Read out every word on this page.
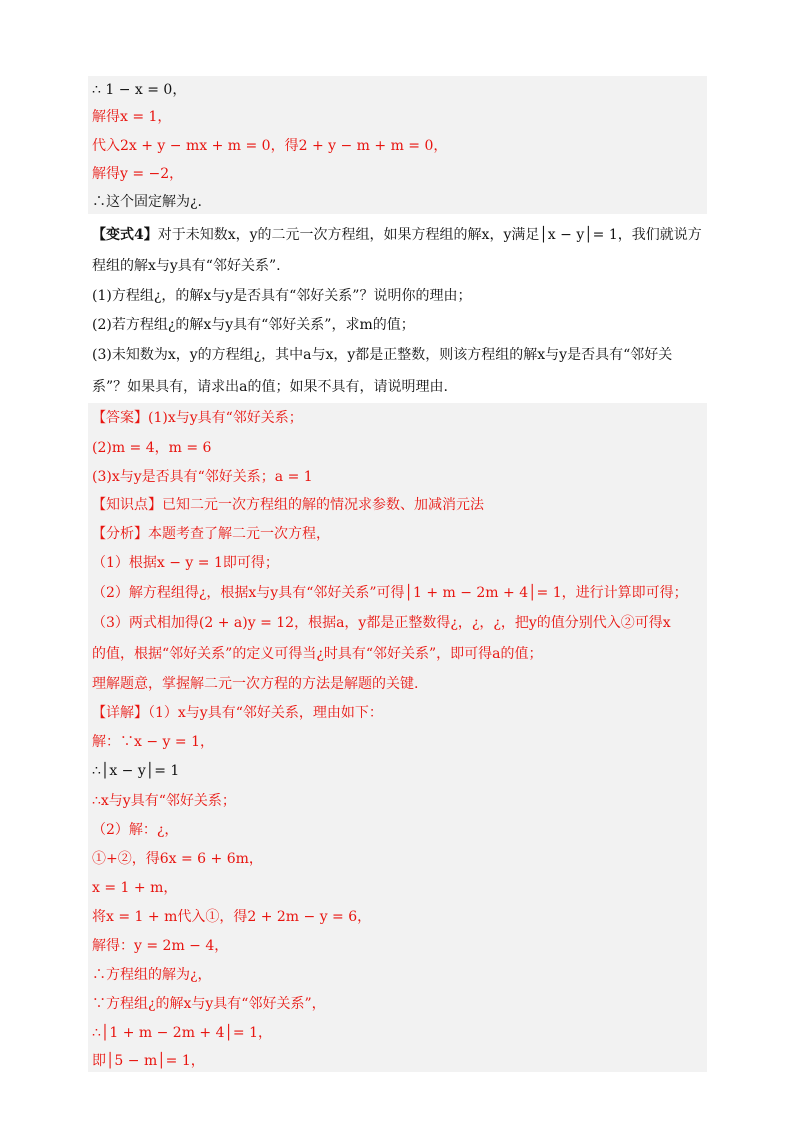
∴ 1 − x = 0，
解得x = 1，
代入2x + y − mx + m = 0，得2 + y − m + m = 0，
解得y = −2，
∴这个固定解为¿.
【变式4】对于未知数x，y的二元一次方程组，如果方程组的解x，y满足│x − y│= 1，我们就说方
程组的解x与y具有“邻好关系”.
(1)方程组¿，的解x与y是否具有“邻好关系”？说明你的理由；
(2)若方程组¿的解x与y具有“邻好关系”，求m的值；
(3)未知数为x，y的方程组¿，其中a与x，y都是正整数，则该方程组的解x与y是否具有“邻好关
系”？如果具有，请求出a的值；如果不具有，请说明理由.
【答案】(1)x与y具有“邻好关系；
(2)m = 4，m = 6
(3)x与y是否具有“邻好关系；a = 1
【知识点】已知二元一次方程组的解的情况求参数、加减消元法
【分析】本题考查了解二元一次方程，
（1）根据x − y = 1即可得；
（2）解方程组得¿，根据x与y具有“邻好关系”可得│1 + m − 2m + 4│= 1，进行计算即可得；
（3）两式相加得(2 + a)y = 12，根据a，y都是正整数得¿，¿，¿，把y的值分别代入②可得x
的值，根据“邻好关系”的定义可得当¿时具有“邻好关系”，即可得a的值；
理解题意，掌握解二元一次方程的方法是解题的关键.
【详解】（1）x与y具有“邻好关系，理由如下：
解：∵x − y = 1，
∴│x − y│= 1
∴x与y具有“邻好关系；
（2）解：¿，
①+②，得6x = 6 + 6m，
x = 1 + m，
将x = 1 + m代入①，得2 + 2m − y = 6，
解得：y = 2m − 4，
∴方程组的解为¿，
∵方程组¿的解x与y具有“邻好关系”，
∴│1 + m − 2m + 4│= 1，
即│5 − m│= 1，
